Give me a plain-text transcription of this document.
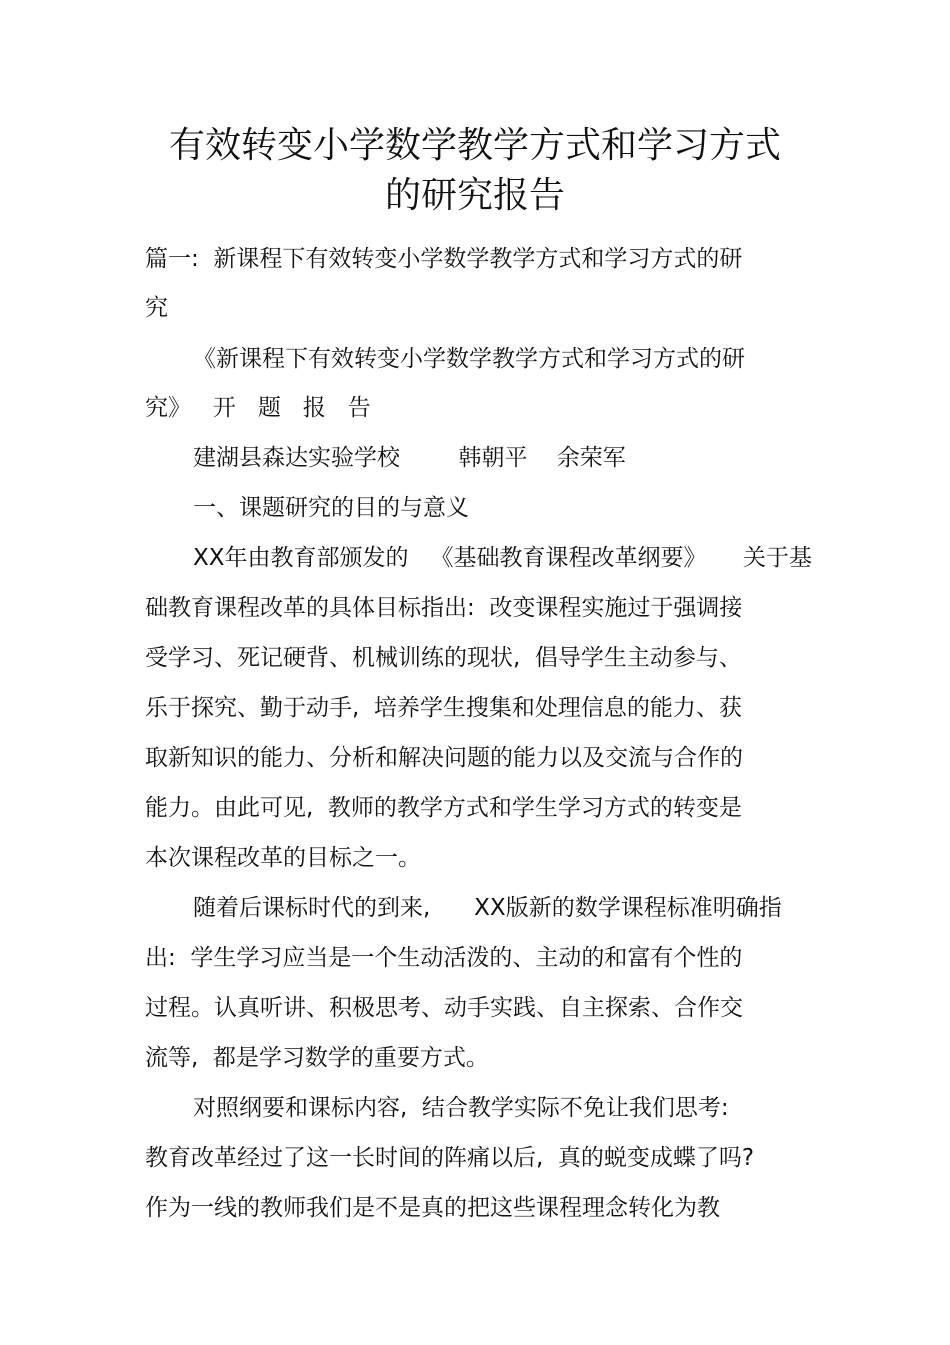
有效转变小学数学教学方式和学习方式
的研究报告
篇一:  新课程下有效转变小学数学教学方式和学习方式的研
究
《新课程下有效转变小学数学教学方式和学习方式的研
究》   开   题   报   告
建湖县森达实验学校        韩朝平    余荣军
一、课题研究的目的与意义
XX年由教育部颁发的   《基础教育课程改革纲要》     关于基
础教育课程改革的具体目标指出:  改变课程实施过于强调接
受学习、死记硬背、机械训练的现状,  倡导学生主动参与、
乐于探究、勤于动手,  培养学生搜集和处理信息的能力、获
取新知识的能力、分析和解决问题的能力以及交流与合作的
能力。由此可见,  教师的教学方式和学生学习方式的转变是
本次课程改革的目标之一。
随着后课标时代的到来,      XX版新的数学课程标准明确指
出:  学生学习应当是一个生动活泼的、主动的和富有个性的
过程。认真听讲、积极思考、动手实践、自主探索、合作交
流等,  都是学习数学的重要方式。
对照纲要和课标内容,  结合教学实际不免让我们思考:
教育改革经过了这一长时间的阵痛以后,  真的蜕变成蝶了吗?
作为一线的教师我们是不是真的把这些课程理念转化为教
